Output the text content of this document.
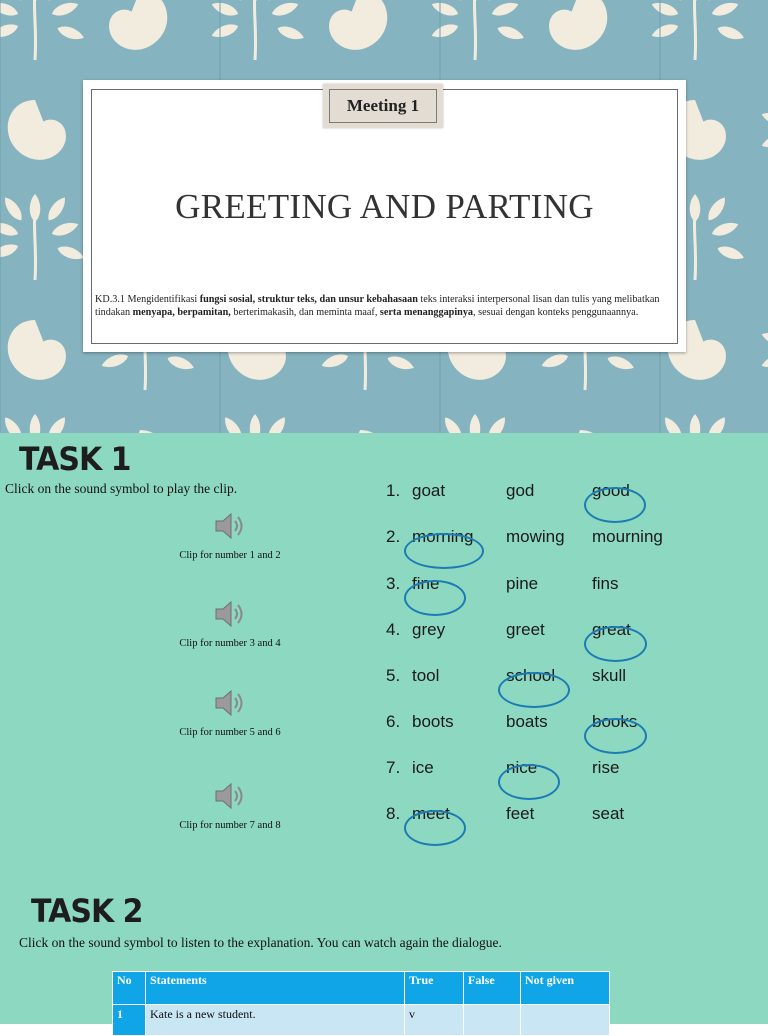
Meeting 1
GREETING AND PARTING
KD.3.1 Mengidentifikasi fungsi sosial, struktur teks, dan unsur kebahasaan teks interaksi interpersonal lisan dan tulis yang melibatkan tindakan menyapa, berpamitan, berterimakasih, dan meminta maaf, serta menanggapinya, sesuai dengan konteks penggunaannya.
TASK 1
Click on the sound symbol to play the clip.
Clip for number 1 and 2
Clip for number 3 and 4
Clip for number 5 and 6
Clip for number 7 and 8
1. goat	god	good
2. morning mowing mourning
3. fine	pine	fins
4. grey	greet	great
5. tool	school skull
6. boots	boats	books
7. ice	nice	rise
8. meet	feet	seat
TASK 2
Click on the sound symbol to listen to the explanation. You can watch again the dialogue.
No	Statements	True	False	Not given
1	Kate is a new student.	v		
